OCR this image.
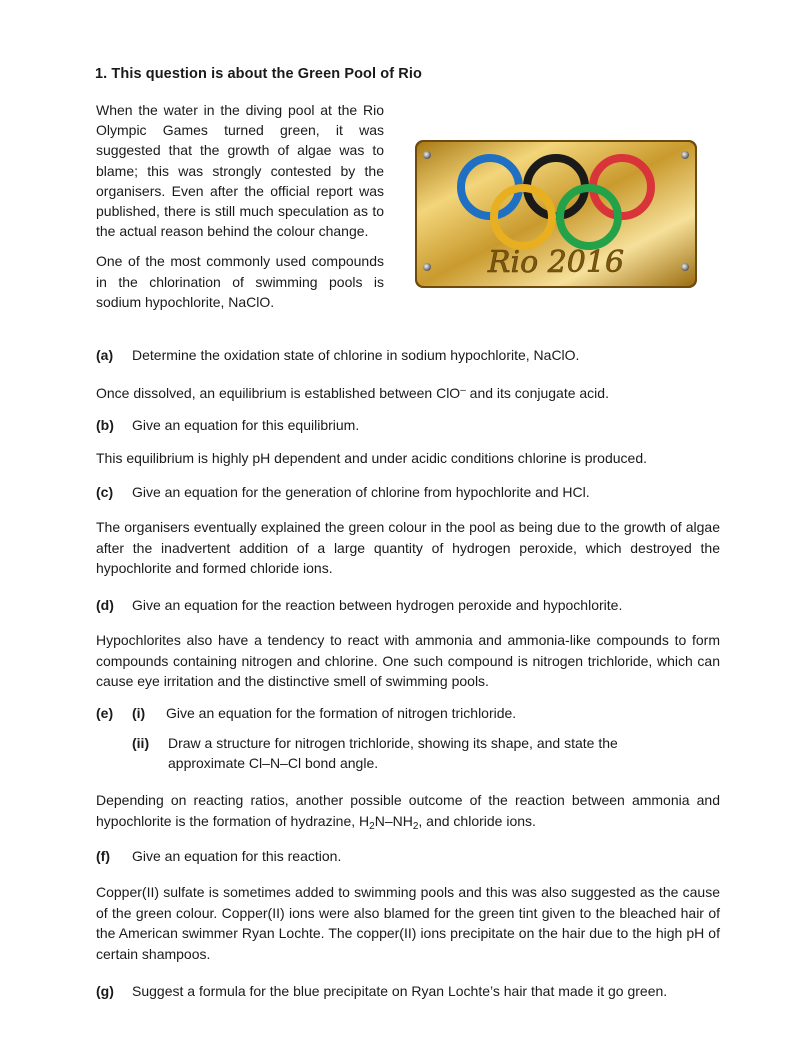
1. This question is about the Green Pool of Rio

When the water in the diving pool at the Rio Olympic Games turned green, it was suggested that the growth of algae was to blame; this was strongly contested by the organisers. Even after the official report was published, there is still much speculation as to the actual reason behind the colour change.

One of the most commonly used compounds in the chlorination of swimming pools is sodium hypochlorite, NaClO.

Rio 2016
(a) Determine the oxidation state of chlorine in sodium hypochlorite, NaClO.
Once dissolved, an equilibrium is established between ClO– and its conjugate acid.
(b) Give an equation for this equilibrium.
This equilibrium is highly pH dependent and under acidic conditions chlorine is produced.
(c) Give an equation for the generation of chlorine from hypochlorite and HCl.
The organisers eventually explained the green colour in the pool as being due to the growth of algae after the inadvertent addition of a large quantity of hydrogen peroxide, which destroyed the hypochlorite and formed chloride ions.
(d) Give an equation for the reaction between hydrogen peroxide and hypochlorite.
Hypochlorites also have a tendency to react with ammonia and ammonia-like compounds to form compounds containing nitrogen and chlorine. One such compound is nitrogen trichloride, which can cause eye irritation and the distinctive smell of swimming pools.
(e) (i) Give an equation for the formation of nitrogen trichloride.
(ii) Draw a structure for nitrogen trichloride, showing its shape, and state the approximate Cl–N–Cl bond angle.
Depending on reacting ratios, another possible outcome of the reaction between ammonia and hypochlorite is the formation of hydrazine, $H_2N-NH_2$, and chloride ions.
(f) Give an equation for this reaction.
Copper(II) sulfate is sometimes added to swimming pools and this was also suggested as the cause of the green colour. Copper(II) ions were also blamed for the green tint given to the bleached hair of the American swimmer Ryan Lochte. The copper(II) ions precipitate on the hair due to the high pH of certain shampoos.
(g) Suggest a formula for the blue precipitate on Ryan Lochte’s hair that made it go green.
